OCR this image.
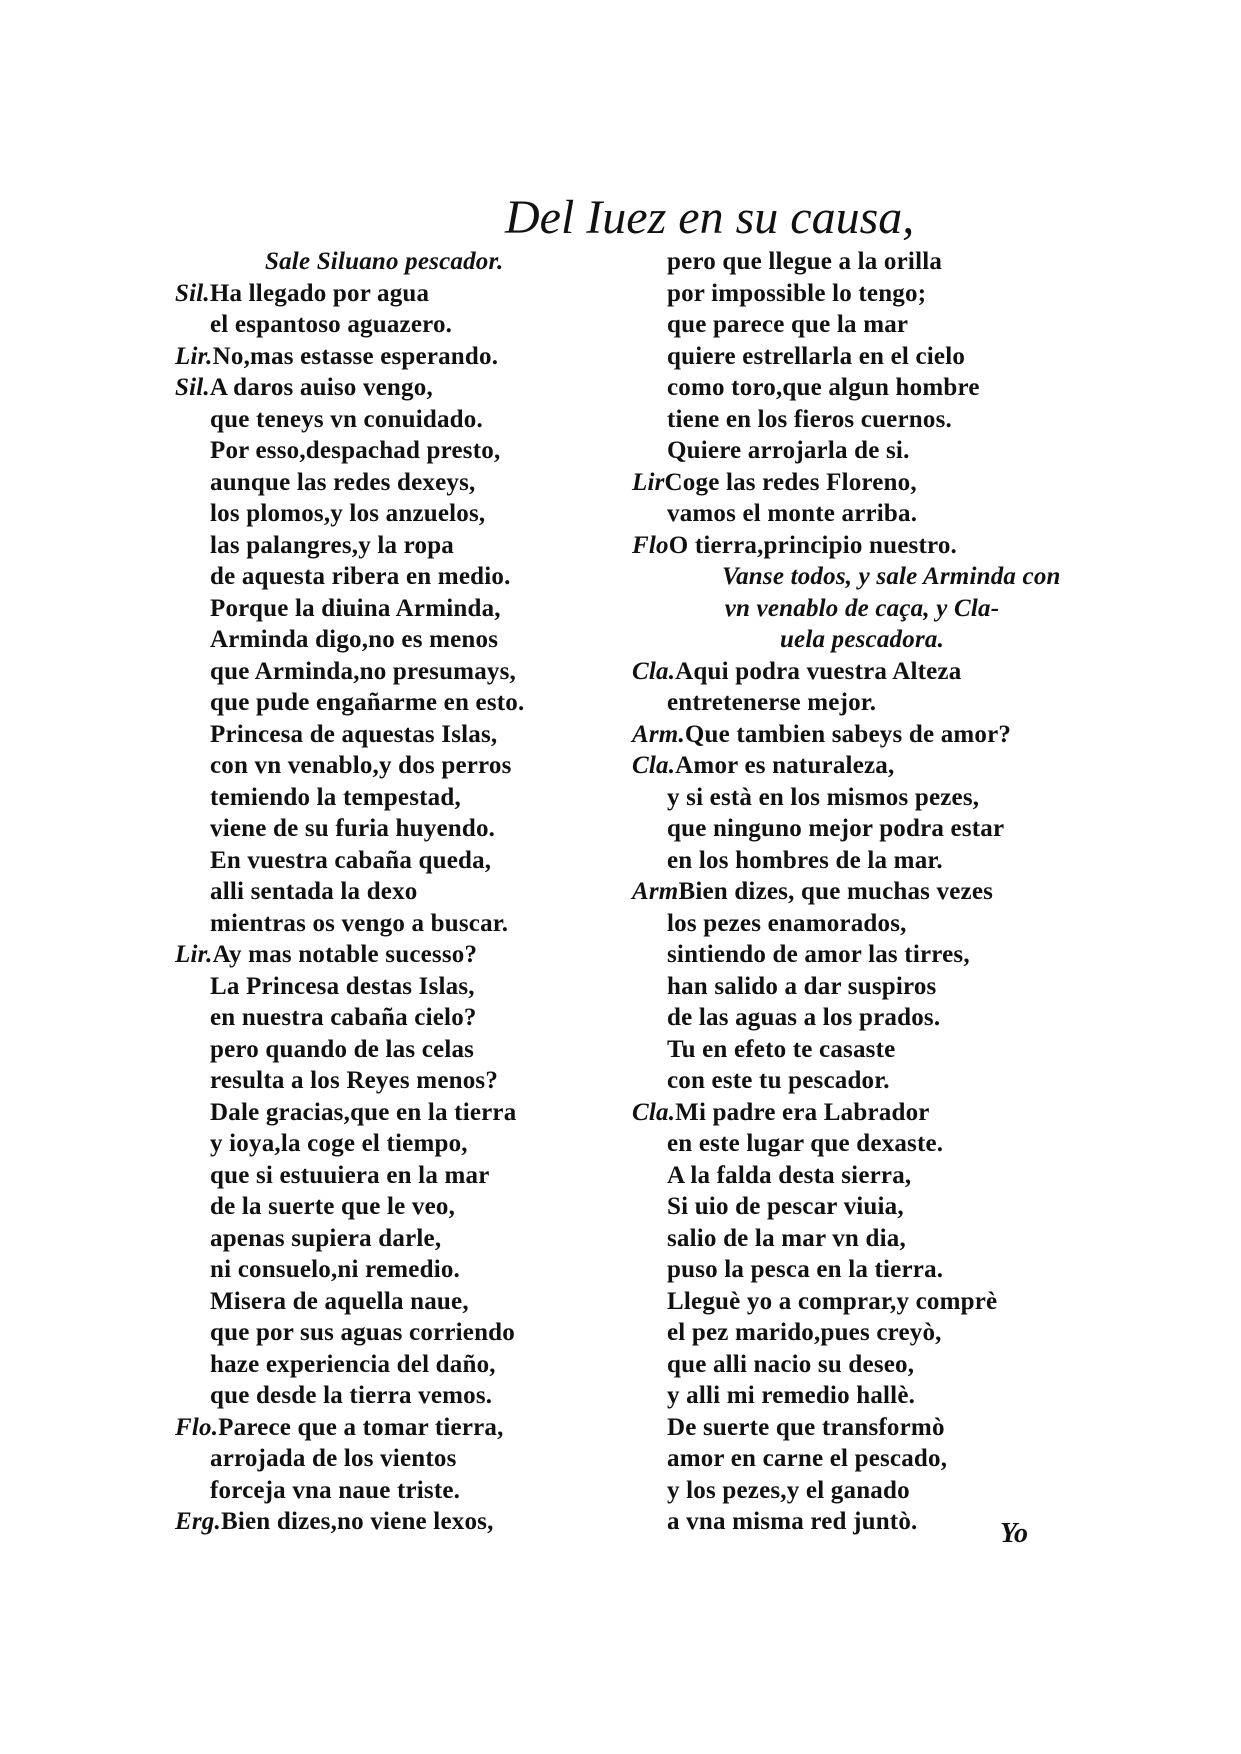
Del Iuez en su causa,
Sale Siluano pescador.
Sil.Ha llegado por agua
el espantoso aguazero.
Lir.No,mas estasse esperando.
Sil.A daros auiso vengo,
que teneys vn conuidado.
Por esso,despachad presto,
aunque las redes dexeys,
los plomos,y los anzuelos,
las palangres,y la ropa
de aquesta ribera en medio.
Porque la diuina Arminda,
Arminda digo,no es menos
que Arminda,no presumays,
que pude engañarme en esto.
Princesa de aquestas Islas,
con vn venablo,y dos perros
temiendo la tempestad,
viene de su furia huyendo.
En vuestra cabaña queda,
alli sentada la dexo
mientras os vengo a buscar.
Lir.Ay mas notable sucesso?
La Princesa destas Islas,
en nuestra cabaña cielo?
pero quando de las celas
resulta a los Reyes menos?
Dale gracias,que en la tierra
y ioya,la coge el tiempo,
que si estuuiera en la mar
de la suerte que le veo,
apenas supiera darle,
ni consuelo,ni remedio.
Misera de aquella naue,
que por sus aguas corriendo
haze experiencia del daño,
que desde la tierra vemos.
Flo.Parece que a tomar tierra,
arrojada de los vientos
forceja vna naue triste.
Erg.Bien dizes,no viene lexos,
pero que llegue a la orilla
por impossible lo tengo;
que parece que la mar
quiere estrellarla en el cielo
como toro,que algun hombre
tiene en los fieros cuernos.
Quiere arrojarla de si.
LirCoge las redes Floreno,
vamos el monte arriba.
FloO tierra,principio nuestro.
Vanse todos, y sale Arminda con
vn venablo de caça, y Cla-
uela pescadora.
Cla.Aqui podra vuestra Alteza
entretenerse mejor.
Arm.Que tambien sabeys de amor?
Cla.Amor es naturaleza,
y si està en los mismos pezes,
que ninguno mejor podra estar
en los hombres de la mar.
ArmBien dizes, que muchas vezes
los pezes enamorados,
sintiendo de amor las tirres,
han salido a dar suspiros
de las aguas a los prados.
Tu en efeto te casaste
con este tu pescador.
Cla.Mi padre era Labrador
en este lugar que dexaste.
A la falda desta sierra,
Si uio de pescar viuia,
salio de la mar vn dia,
puso la pesca en la tierra.
Lleguè yo a comprar,y comprè
el pez marido,pues creyò,
que alli nacio su deseo,
y alli mi remedio hallè.
De suerte que transformò
amor en carne el pescado,
y los pezes,y el ganado
a vna misma red juntò.	Yo
